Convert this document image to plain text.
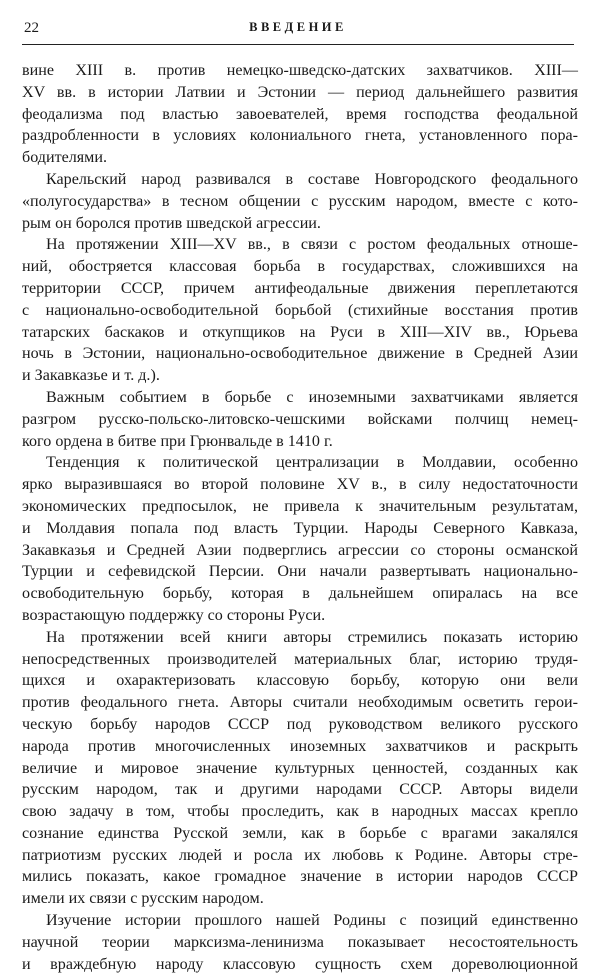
22	ВВЕДЕНИЕ
вине XIII в. против немецко-шведско-датских захватчиков. XIII—
XV вв. в истории Латвии и Эстонии — период дальнейшего развития
феодализма под властью завоевателей, время господства феодальной
раздробленности в условиях колониального гнета, установленного пора-
бодителями.
Карельский народ развивался в составе Новгородского феодального
«полугосударства» в тесном общении с русским народом, вместе с кото-
рым он боролся против шведской агрессии.
На протяжении XIII—XV вв., в связи с ростом феодальных отноше-
ний, обостряется классовая борьба в государствах, сложившихся на
территории СССР, причем антифеодальные движения переплетаются
с национально-освободительной борьбой (стихийные восстания против
татарских баскаков и откупщиков на Руси в XIII—XIV вв., Юрьева
ночь в Эстонии, национально-освободительное движение в Средней Азии
и Закавказье и т. д.).
Важным событием в борьбе с иноземными захватчиками является
разгром русско-польско-литовско-чешскими войсками полчищ немец-
кого ордена в битве при Грюнвальде в 1410 г.
Тенденция к политической централизации в Молдавии, особенно
ярко выразившаяся во второй половине XV в., в силу недостаточности
экономических предпосылок, не привела к значительным результатам,
и Молдавия попала под власть Турции. Народы Северного Кавказа,
Закавказья и Средней Азии подверглись агрессии со стороны османской
Турции и сефевидской Персии. Они начали развертывать национально-
освободительную борьбу, которая в дальнейшем опиралась на все
возрастающую поддержку со стороны Руси.
На протяжении всей книги авторы стремились показать историю
непосредственных производителей материальных благ, историю трудя-
щихся и охарактеризовать классовую борьбу, которую они вели
против феодального гнета. Авторы считали необходимым осветить герои-
ческую борьбу народов СССР под руководством великого русского
народа против многочисленных иноземных захватчиков и раскрыть
величие и мировое значение культурных ценностей, созданных как
русским народом, так и другими народами СССР. Авторы видели
свою задачу в том, чтобы проследить, как в народных массах крепло
сознание единства Русской земли, как в борьбе с врагами закалялся
патриотизм русских людей и росла их любовь к Родине. Авторы стре-
мились показать, какое громадное значение в истории народов СССР
имели их связи с русским народом.
Изучение истории прошлого нашей Родины с позиций единственно
научной теории марксизма-ленинизма показывает несостоятельность
и враждебную народу классовую сущность схем дореволюционной
